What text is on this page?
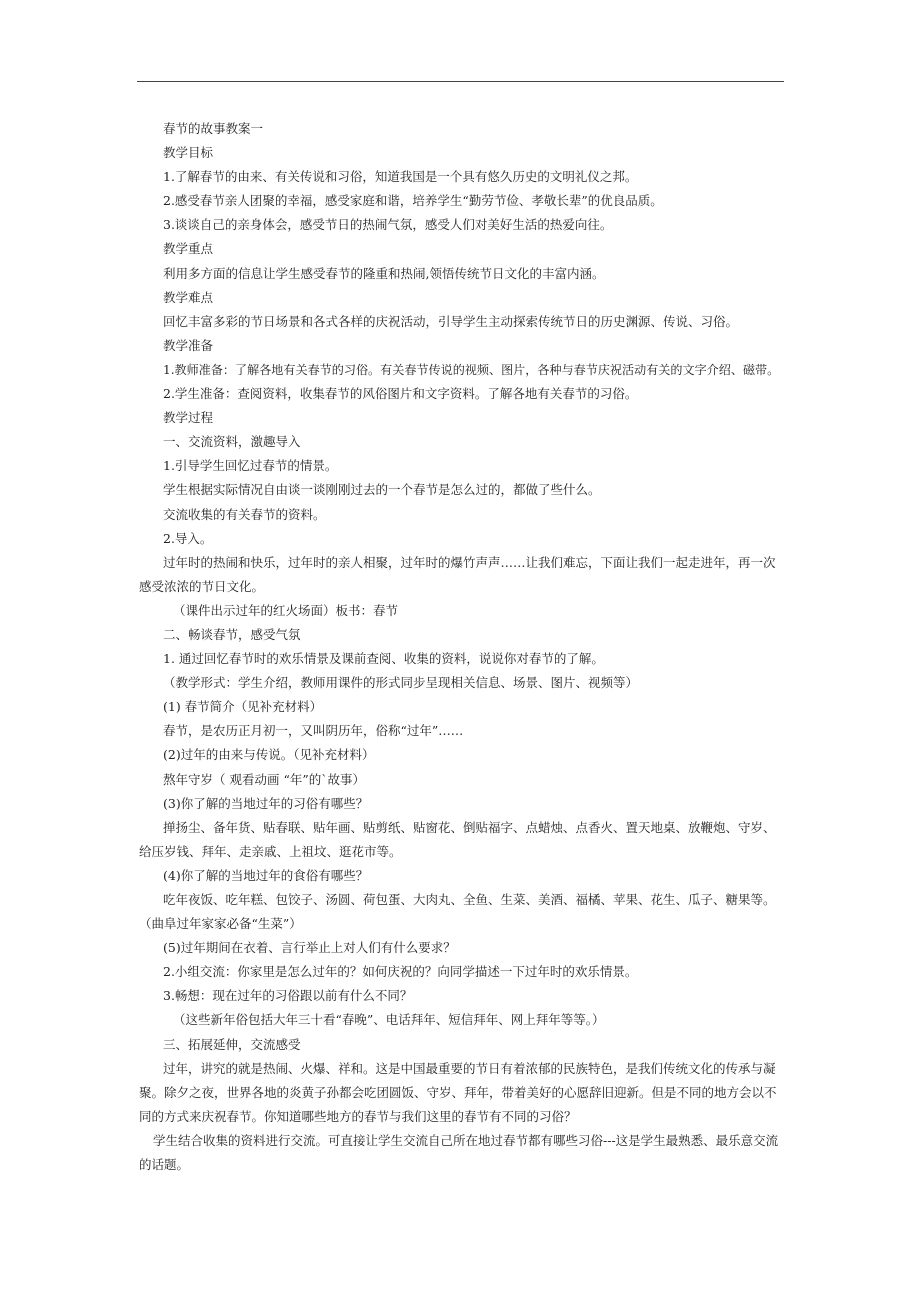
春节的故事教案一
教学目标
1.了解春节的由来、有关传说和习俗，知道我国是一个具有悠久历史的文明礼仪之邦。
2.感受春节亲人团聚的幸福，感受家庭和谐，培养学生“勤劳节俭、孝敬长辈”的优良品质。
3.谈谈自己的亲身体会，感受节日的热闹气氛，感受人们对美好生活的热爱向往。
教学重点
利用多方面的信息让学生感受春节的隆重和热闹,领悟传统节日文化的丰富内涵。
教学难点
回忆丰富多彩的节日场景和各式各样的庆祝活动，引导学生主动探索传统节日的历史渊源、传说、习俗。
教学准备
1.教师准备：了解各地有关春节的习俗。有关春节传说的视频、图片，各种与春节庆祝活动有关的文字介绍、磁带。
2.学生准备：查阅资料，收集春节的风俗图片和文字资料。了解各地有关春节的习俗。
教学过程
一、交流资料，激趣导入
1.引导学生回忆过春节的情景。
学生根据实际情况自由谈一谈刚刚过去的一个春节是怎么过的，都做了些什么。
交流收集的有关春节的资料。
2.导入。
过年时的热闹和快乐，过年时的亲人相聚，过年时的爆竹声声……让我们难忘，下面让我们一起走进年，再一次感受浓浓的节日文化。
（课件出示过年的红火场面）板书：春节
二、畅谈春节，感受气氛
1. 通过回忆春节时的欢乐情景及课前查阅、收集的资料，说说你对春节的了解。
（教学形式：学生介绍，教师用课件的形式同步呈现相关信息、场景、图片、视频等）
(1) 春节简介（见补充材料）
春节，是农历正月初一，又叫阴历年，俗称“过年”……
(2)过年的由来与传说。（见补充材料）
熬年守岁（ 观看动画 “年”的`故事）
(3)你了解的当地过年的习俗有哪些？
掸扬尘、备年货、贴春联、贴年画、贴剪纸、贴窗花、倒贴福字、点蜡烛、点香火、置天地桌、放鞭炮、守岁、给压岁钱、拜年、走亲戚、上祖坟、逛花市等。
(4)你了解的当地过年的食俗有哪些？
吃年夜饭、吃年糕、包饺子、汤圆、荷包蛋、大肉丸、全鱼、生菜、美酒、福橘、苹果、花生、瓜子、糖果等。
（曲阜过年家家必备“生菜”）
(5)过年期间在衣着、言行举止上对人们有什么要求？
2.小组交流：你家里是怎么过年的？如何庆祝的？向同学描述一下过年时的欢乐情景。
3.畅想：现在过年的习俗跟以前有什么不同？
（这些新年俗包括大年三十看“春晚”、电话拜年、短信拜年、网上拜年等等。）
三、拓展延伸，交流感受
过年，讲究的就是热闹、火爆、祥和。这是中国最重要的节日有着浓郁的民族特色，是我们传统文化的传承与凝聚。除夕之夜，世界各地的炎黄子孙都会吃团圆饭、守岁、拜年，带着美好的心愿辞旧迎新。但是不同的地方会以不同的方式来庆祝春节。你知道哪些地方的春节与我们这里的春节有不同的习俗？
学生结合收集的资料进行交流。可直接让学生交流自己所在地过春节都有哪些习俗---这是学生最熟悉、最乐意交流的话题。
